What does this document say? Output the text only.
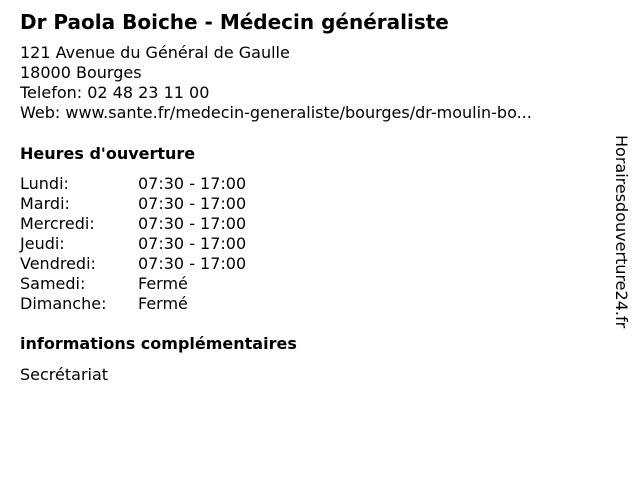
Dr Paola Boiche - Médecin généraliste
121 Avenue du Général de Gaulle
18000 Bourges
Telefon: 02 48 23 11 00
Web: www.sante.fr/medecin-generaliste/bourges/dr-moulin-bo...
Heures d'ouverture
Lundi:	07:30 - 17:00
Mardi:	07:30 - 17:00
Mercredi:	07:30 - 17:00
Jeudi:	07:30 - 17:00
Vendredi:	07:30 - 17:00
Samedi:	Fermé
Dimanche: Fermé
informations complémentaires
Secrétariat
Horairesdouverture24.fr
